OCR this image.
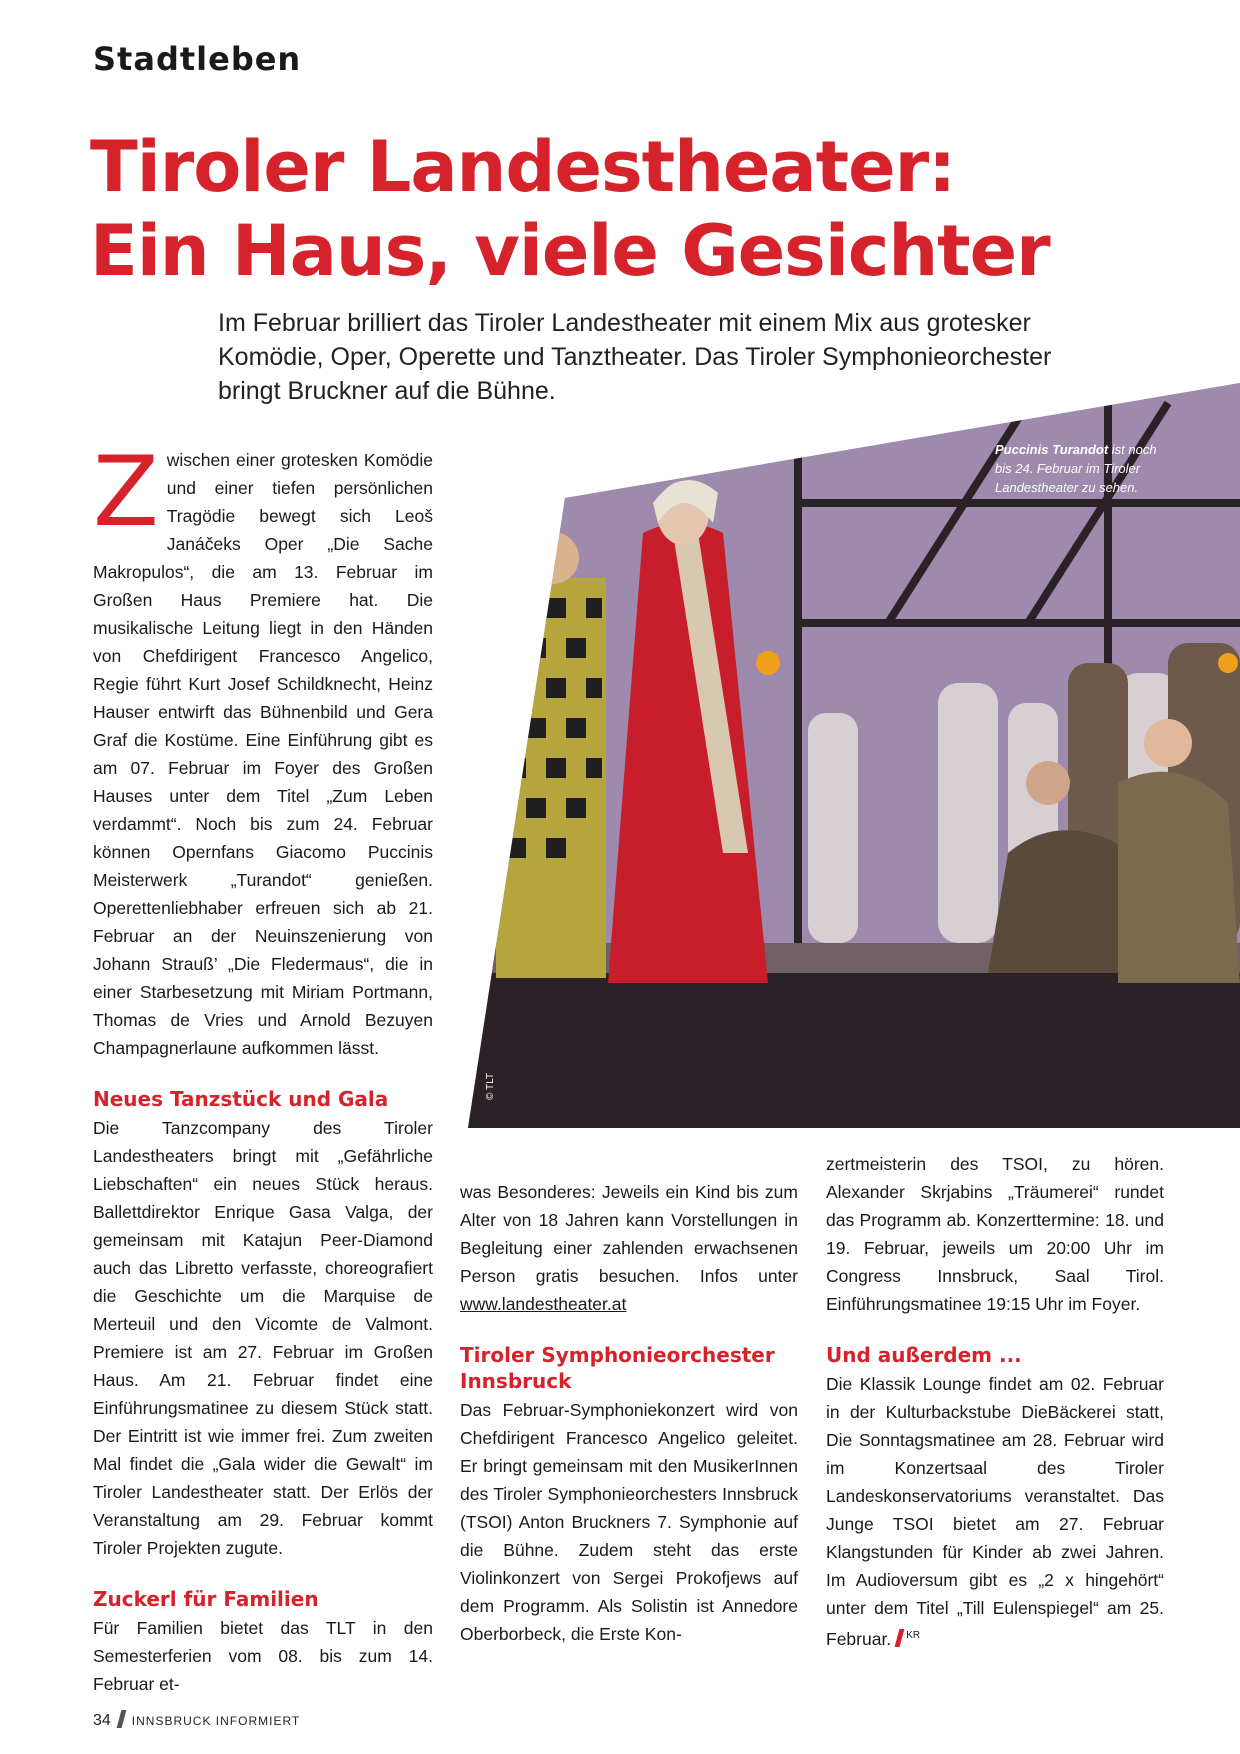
Stadtleben
Tiroler Landestheater:
Ein Haus, viele Gesichter

Im Februar brilliert das Tiroler Landestheater mit einem Mix aus grotesker
Komödie, Oper, Operette und Tanztheater. Das Tiroler Symphonieorchester
bringt Bruckner auf die Bühne.

Puccinis Turandot ist noch bis 24. Februar im Tiroler Landestheater zu sehen.

© TLT

Zwischen einer grotesken Komödie und einer tiefen persönlichen Tragödie bewegt sich Leoš Janáčeks Oper „Die Sache Makropulos“, die am 13. Februar im Großen Haus Premiere hat. Die musikalische Leitung liegt in den Händen von Chefdirigent Francesco Angelico, Regie führt Kurt Josef Schildknecht, Heinz Hauser entwirft das Bühnenbild und Gera Graf die Kostüme. Eine Einführung gibt es am 07. Februar im Foyer des Großen Hauses unter dem Titel „Zum Leben verdammt“. Noch bis zum 24. Februar können Opernfans Giacomo Puccinis Meisterwerk „Turandot“ genießen. Operettenliebhaber erfreuen sich ab 21. Februar an der Neuinszenierung von Johann Strauß’ „Die Fledermaus“, die in einer Starbesetzung mit Miriam Portmann, Thomas de Vries und Arnold Bezuyen Champagnerlaune aufkommen lässt.

Neues Tanzstück und Gala

Die Tanzcompany des Tiroler Landestheaters bringt mit „Gefährliche Liebschaften“ ein neues Stück heraus. Ballettdirektor Enrique Gasa Valga, der gemeinsam mit Katajun Peer-Diamond auch das Libretto verfasste, choreografiert die Geschichte um die Marquise de Merteuil und den Vicomte de Valmont. Premiere ist am 27. Februar im Großen Haus. Am 21. Februar findet eine Einführungsmatinee zu diesem Stück statt. Der Eintritt ist wie immer frei. Zum zweiten Mal findet die „Gala wider die Gewalt“ im Tiroler Landestheater statt. Der Erlös der Veranstaltung am 29. Februar kommt Tiroler Projekten zugute.

Zuckerl für Familien

Für Familien bietet das TLT in den Semesterferien vom 08. bis zum 14. Februar et-

was Besonderes: Jeweils ein Kind bis zum Alter von 18 Jahren kann Vorstellungen in Begleitung einer zahlenden erwachsenen Person gratis besuchen. Infos unter www.landestheater.at

Tiroler Symphonieorchester Innsbruck

Das Februar-Symphoniekonzert wird von Chefdirigent Francesco Angelico geleitet. Er bringt gemeinsam mit den MusikerInnen des Tiroler Symphonieorchesters Innsbruck (TSOI) Anton Bruckners 7. Symphonie auf die Bühne. Zudem steht das erste Violinkonzert von Sergei Prokofjews auf dem Programm. Als Solistin ist Annedore Oberborbeck, die Erste Kon-

zertmeisterin des TSOI, zu hören. Alexander Skrjabins „Träumerei“ rundet das Programm ab. Konzerttermine: 18. und 19. Februar, jeweils um 20:00 Uhr im Congress Innsbruck, Saal Tirol. Einführungsmatinee 19:15 Uhr im Foyer.

Und außerdem ...

Die Klassik Lounge findet am 02. Februar in der Kulturbackstube DieBäckerei statt, Die Sonntagsmatinee am 28. Februar wird im Konzertsaal des Tiroler Landeskonservatoriums veranstaltet. Das Junge TSOI bietet am 27. Februar Klangstunden für Kinder ab zwei Jahren. Im Audioversum gibt es „2 x hingehört“ unter dem Titel „Till Eulenspiegel“ am 25. Februar. $^{KR}$

34 INNSBRUCK INFORMIERT
